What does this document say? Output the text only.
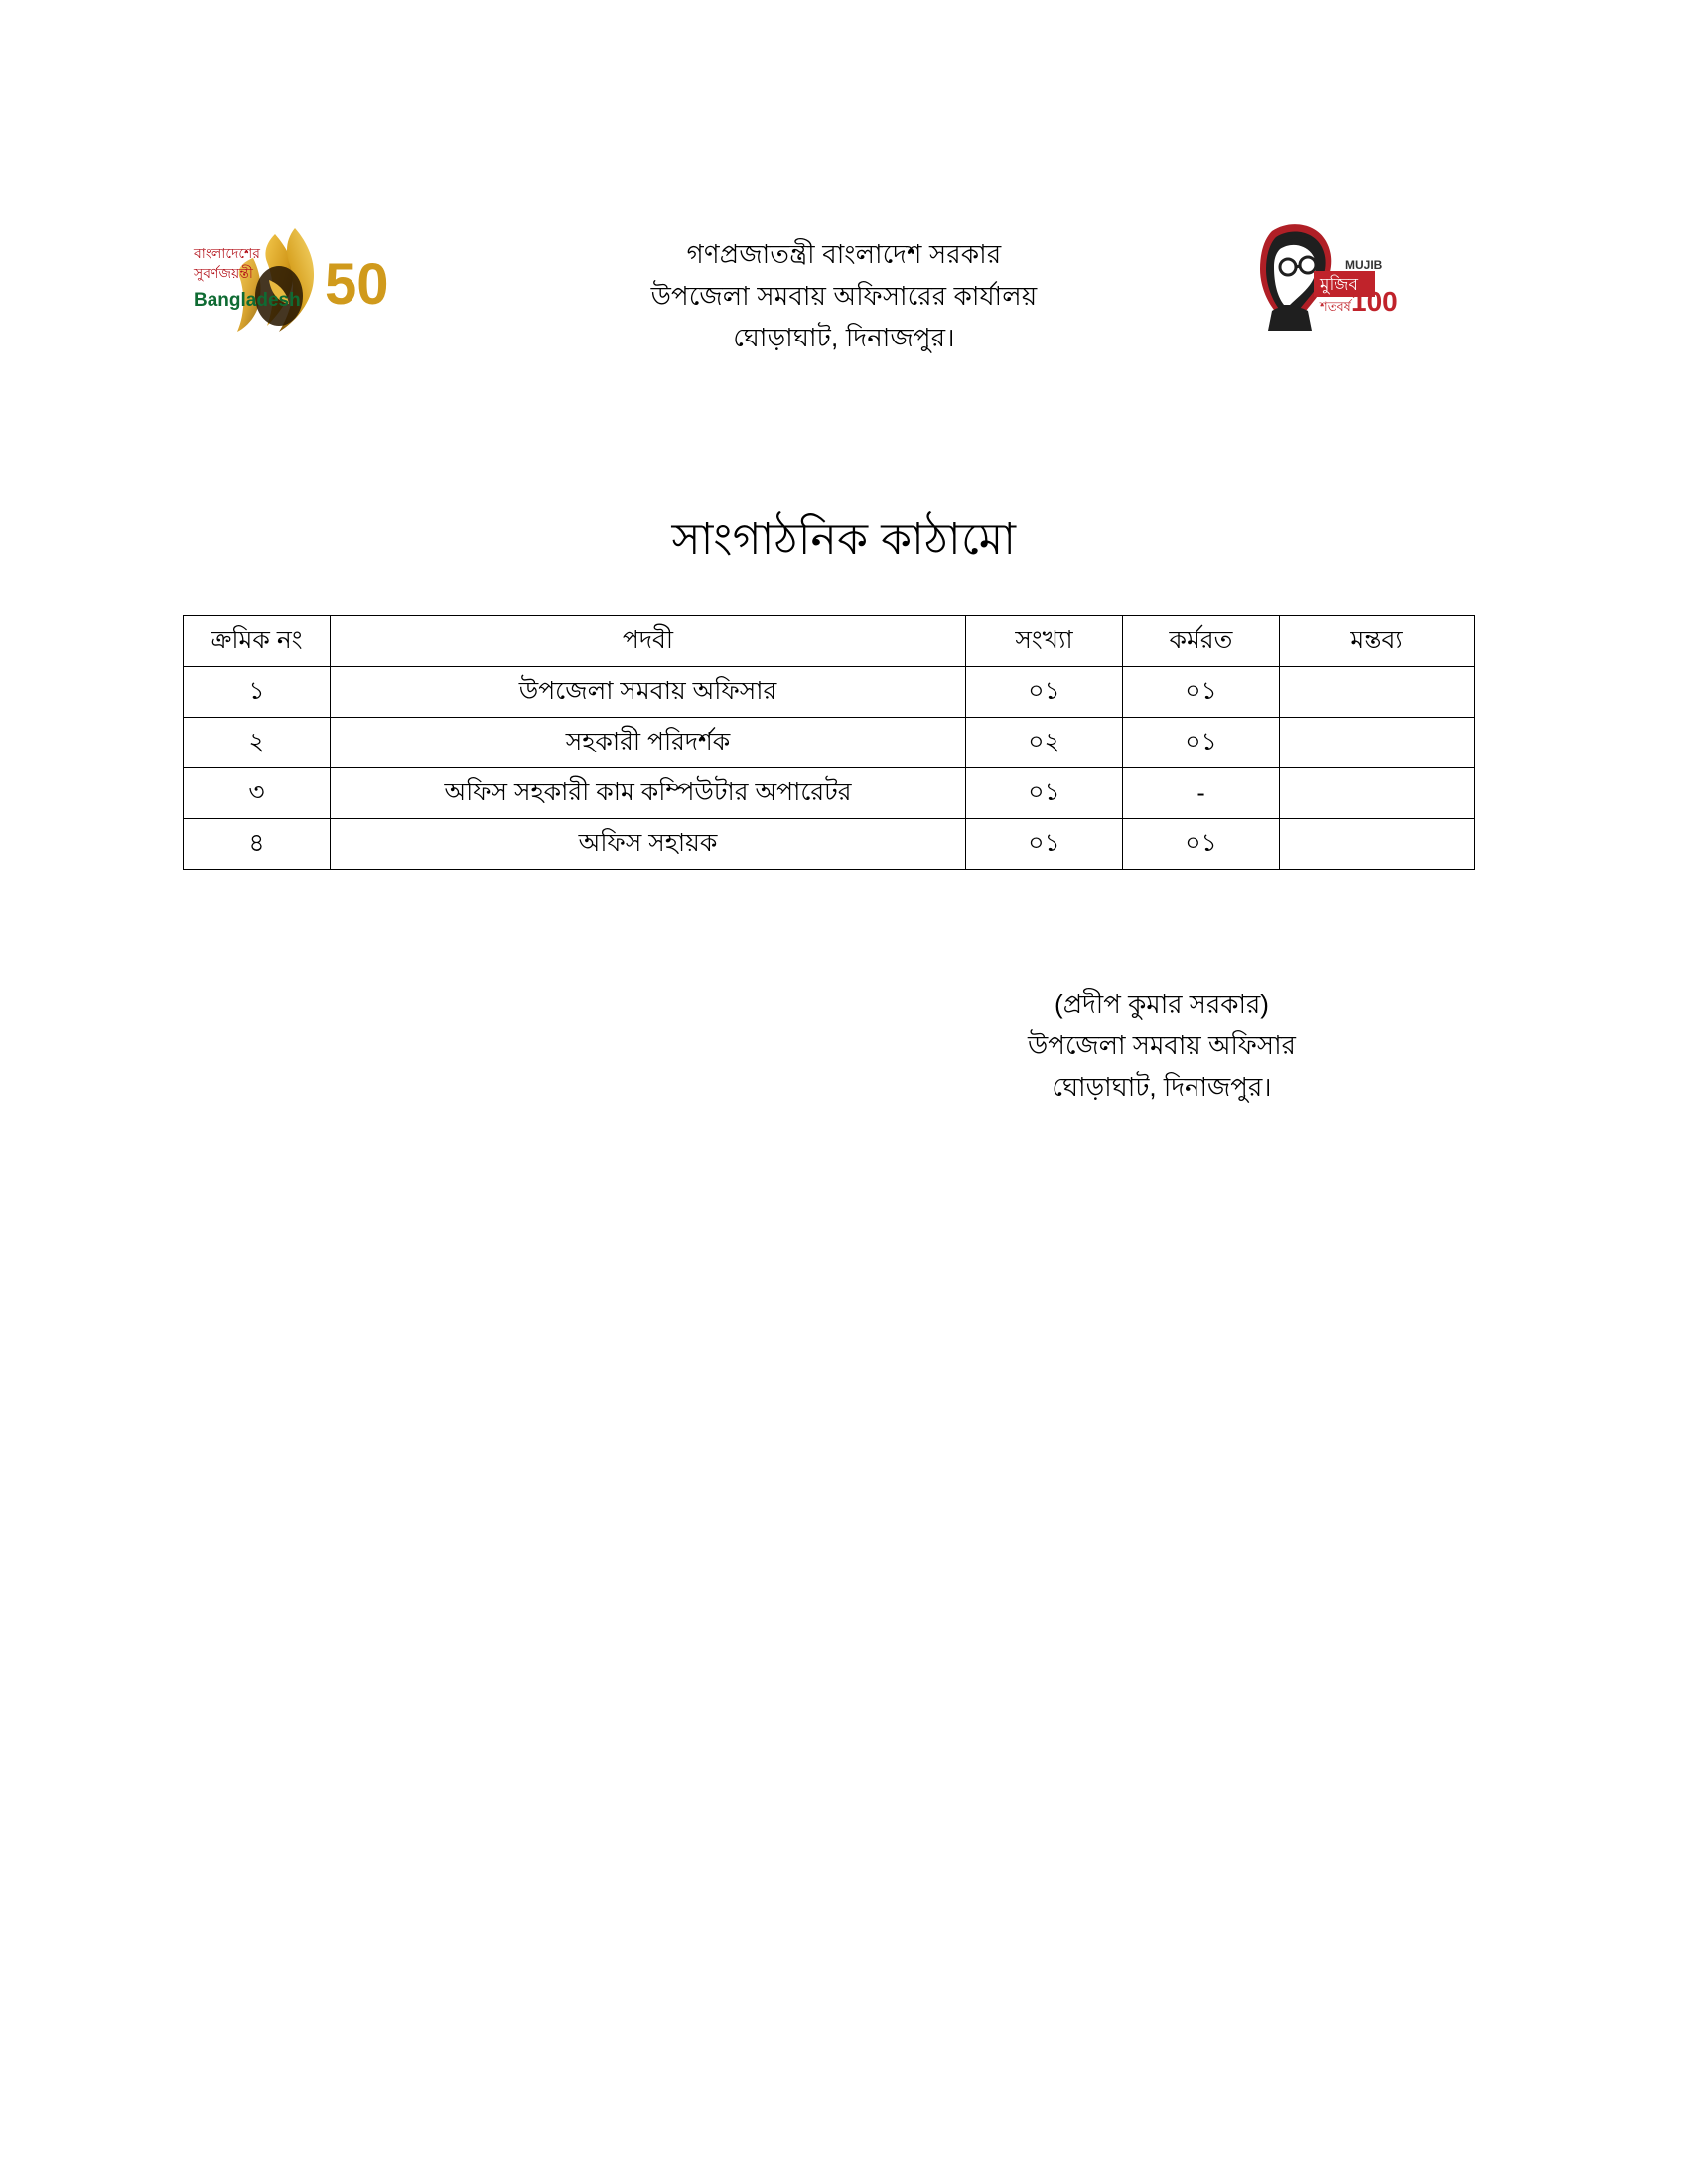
50
বাংলাদেশের
সুবর্ণজয়ন্তী
Bangladesh
গণপ্রজাতন্ত্রী বাংলাদেশ সরকার
উপজেলা সমবায় অফিসারের কার্যালয়
ঘোড়াঘাট, দিনাজপুর।
মুজিব
শতবর্ষ
MUJIB
100
সাংগাঠনিক কাঠামো
ক্রমিক নং	পদবী	সংখ্যা	কর্মরত	মন্তব্য
১	উপজেলা সমবায় অফিসার	০১	০১	
২	সহকারী পরিদর্শক	০২	০১	
৩	অফিস সহকারী কাম কম্পিউটার অপারেটর	০১	-	
৪	অফিস সহায়ক	০১	০১	
(প্রদীপ কুমার সরকার)
উপজেলা সমবায় অফিসার
ঘোড়াঘাট, দিনাজপুর।
